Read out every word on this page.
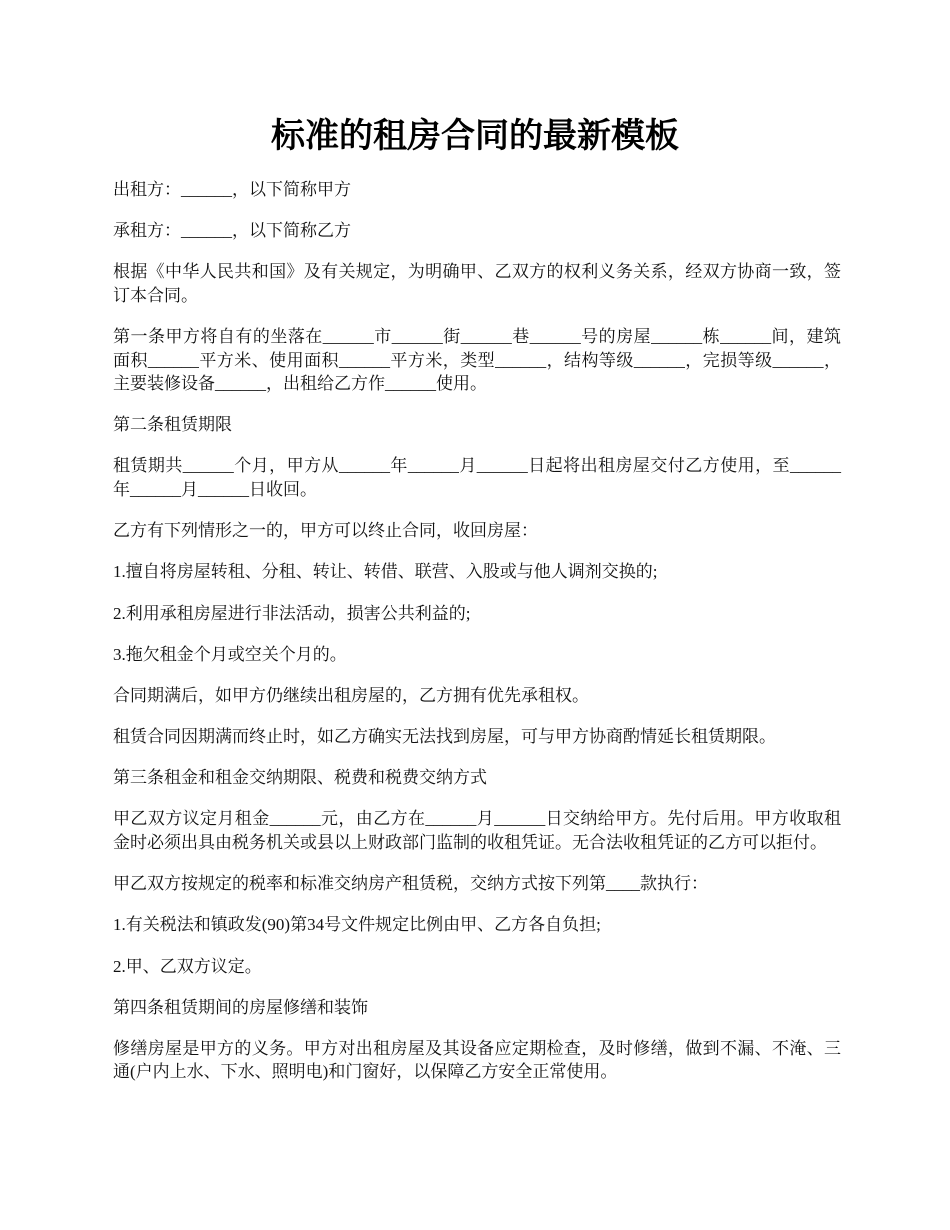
标准的租房合同的最新模板

出租方：______，以下简称甲方

承租方：______，以下简称乙方

根据《中华人民共和国》及有关规定，为明确甲、乙双方的权利义务关系，经双方协商一致，签订本合同。

第一条甲方将自有的坐落在______市______街______巷______号的房屋______栋______间，建筑面积______平方米、使用面积______平方米，类型______，结构等级______，完损等级______，主要装修设备______，出租给乙方作______使用。

第二条租赁期限

租赁期共______个月，甲方从______年______月______日起将出租房屋交付乙方使用，至______年______月______日收回。

乙方有下列情形之一的，甲方可以终止合同，收回房屋：

1.擅自将房屋转租、分租、转让、转借、联营、入股或与他人调剂交换的;

2.利用承租房屋进行非法活动，损害公共利益的;

3.拖欠租金个月或空关个月的。

合同期满后，如甲方仍继续出租房屋的，乙方拥有优先承租权。

租赁合同因期满而终止时，如乙方确实无法找到房屋，可与甲方协商酌情延长租赁期限。

第三条租金和租金交纳期限、税费和税费交纳方式

甲乙双方议定月租金______元，由乙方在______月______日交纳给甲方。先付后用。甲方收取租金时必须出具由税务机关或县以上财政部门监制的收租凭证。无合法收租凭证的乙方可以拒付。

甲乙双方按规定的税率和标准交纳房产租赁税，交纳方式按下列第____款执行：

1.有关税法和镇政发(90)第34号文件规定比例由甲、乙方各自负担;

2.甲、乙双方议定。

第四条租赁期间的房屋修缮和装饰

修缮房屋是甲方的义务。甲方对出租房屋及其设备应定期检查，及时修缮，做到不漏、不淹、三通(户内上水、下水、照明电)和门窗好，以保障乙方安全正常使用。
